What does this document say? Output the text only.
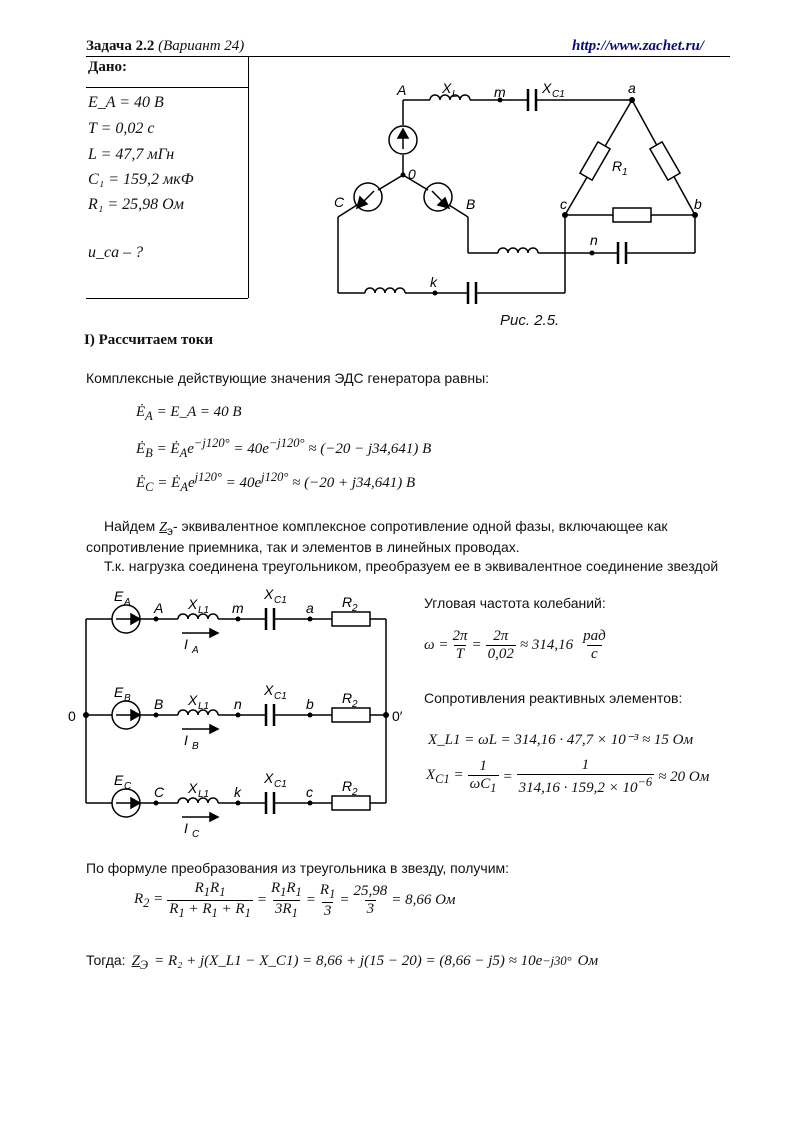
Задача 2.2 (Вариант 24)	http://www.zachet.ru/
Дано:
E_A = 40 В
T = 0,02 с
L = 47,7 мГн
C₁ = 159,2 мкФ
R₁ = 25,98 Ом
u_ca – ?
A	X L	m	X C1	a
R 1
0
C	B	c	b
n
k
Рис. 2.5.
I) Рассчитаем токи
Комплексные действующие значения ЭДС генератора равны:
$Ė_A$ = E_A = 40 В
$Ė_B$ = $Ė_Ae^{-j120^\circ} = 40e^{-j120^\circ} \approx (-20 - j34,641)$ В
$Ė_C$ = $Ė_Ae^{j120^\circ} = 40e^{j120^\circ} \approx (-20 + j34,641)$ В
Найдем $Z_э-$ эквивалентное комплексное сопротивление одной фазы, включающее как
сопротивление приемника, так и элементов в линейных проводах.
Т.к. нагрузка соединена треугольником, преобразуем ее в эквивалентное соединение звездой
E A
E B
E C
A
B
C
X L1
X L1
X L1
X C1
X C1
X C1
m
n
k
a
b
c
R 2
R 2
R 2
I A
I B
I C
0	0′
Угловая частота колебаний:
$\omega = \frac{2\pi}{T} = \frac{2\pi}{0,02} \approx 314,16$
рад
с
Сопротивления реактивных элементов:
X_L1 = ωL = 314,16 · 47,7 × 10⁻³ ≈ 15 Ом
$X_{C1} = \frac{1}{\omega C_1} = \frac{1}{314,16 \cdot 159,2 \times 10^{-6}} \approx 20$ Ом
По формуле преобразования из треугольника в звезду, получим:
$R_2 = \frac{R_1R_1}{R_1 + R_1 + R_1} = \frac{R_1R_1}{3R_1} = \frac{R_1}{3} = \frac{25,98}{3} = 8,66$ Ом
Тогда: $Z_Э = R_2$ + j(X_L1 − X_C1) = 8,66 + j(15 − 20) = (8,66 − j5) ≈ 10e −j30° Ом
